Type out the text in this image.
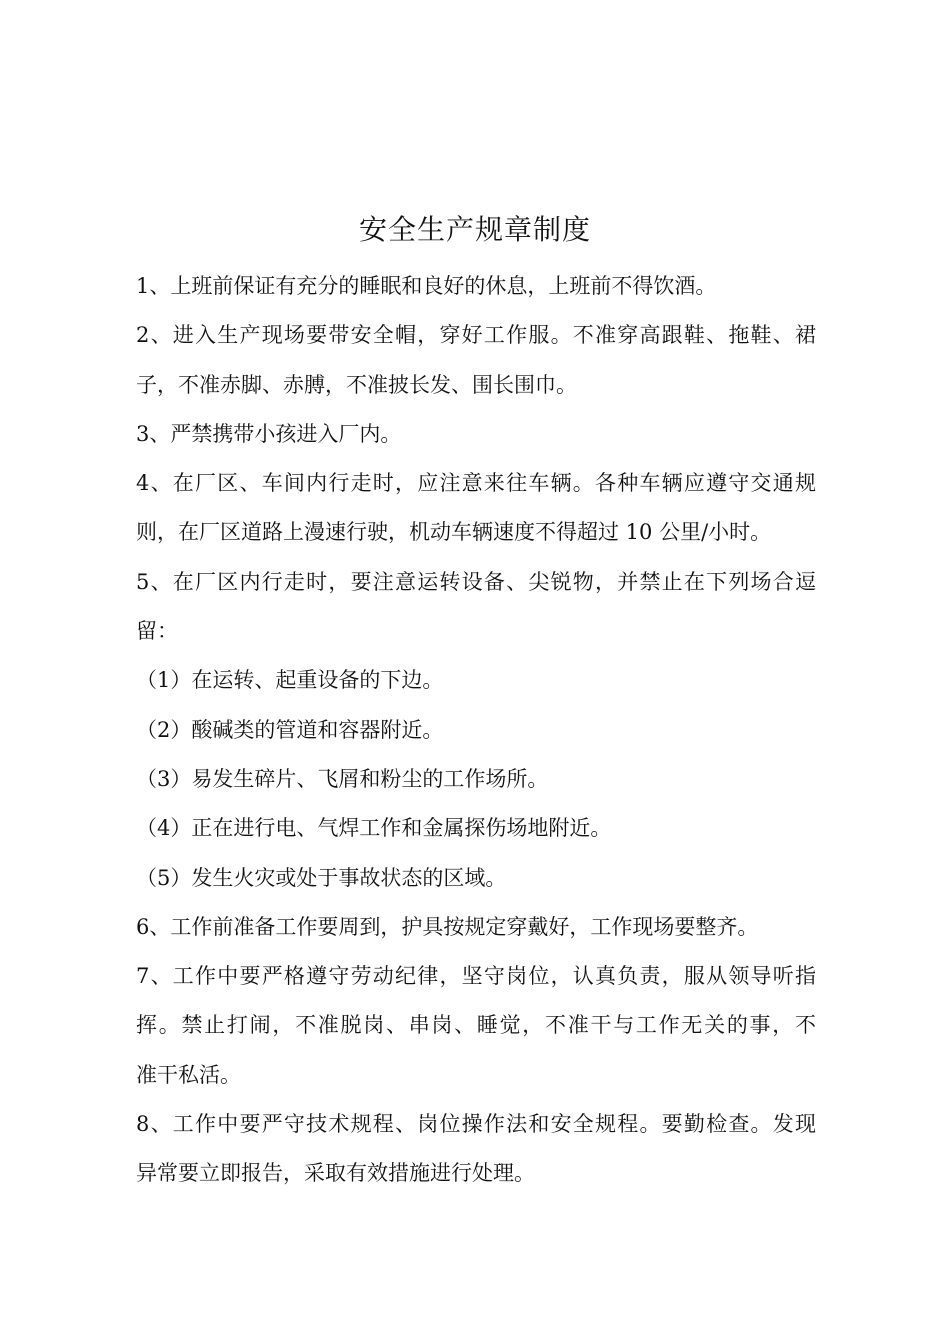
安全生产规章制度
1、上班前保证有充分的睡眠和良好的休息，上班前不得饮酒。
2、进入生产现场要带安全帽，穿好工作服。不准穿高跟鞋、拖鞋、裙
子，不准赤脚、赤膊，不准披长发、围长围巾。
3、严禁携带小孩进入厂内。
4、在厂区、车间内行走时，应注意来往车辆。各种车辆应遵守交通规
则，在厂区道路上漫速行驶，机动车辆速度不得超过 10 公里/小时。
5、在厂区内行走时，要注意运转设备、尖锐物，并禁止在下列场合逗
留：
（1）在运转、起重设备的下边。
（2）酸碱类的管道和容器附近。
（3）易发生碎片、飞屑和粉尘的工作场所。
（4）正在进行电、气焊工作和金属探伤场地附近。
（5）发生火灾或处于事故状态的区域。
6、工作前准备工作要周到，护具按规定穿戴好，工作现场要整齐。
7、工作中要严格遵守劳动纪律，坚守岗位，认真负责，服从领导听指
挥。禁止打闹，不准脱岗、串岗、睡觉，不准干与工作无关的事，不
准干私活。
8、工作中要严守技术规程、岗位操作法和安全规程。要勤检查。发现
异常要立即报告，采取有效措施进行处理。
